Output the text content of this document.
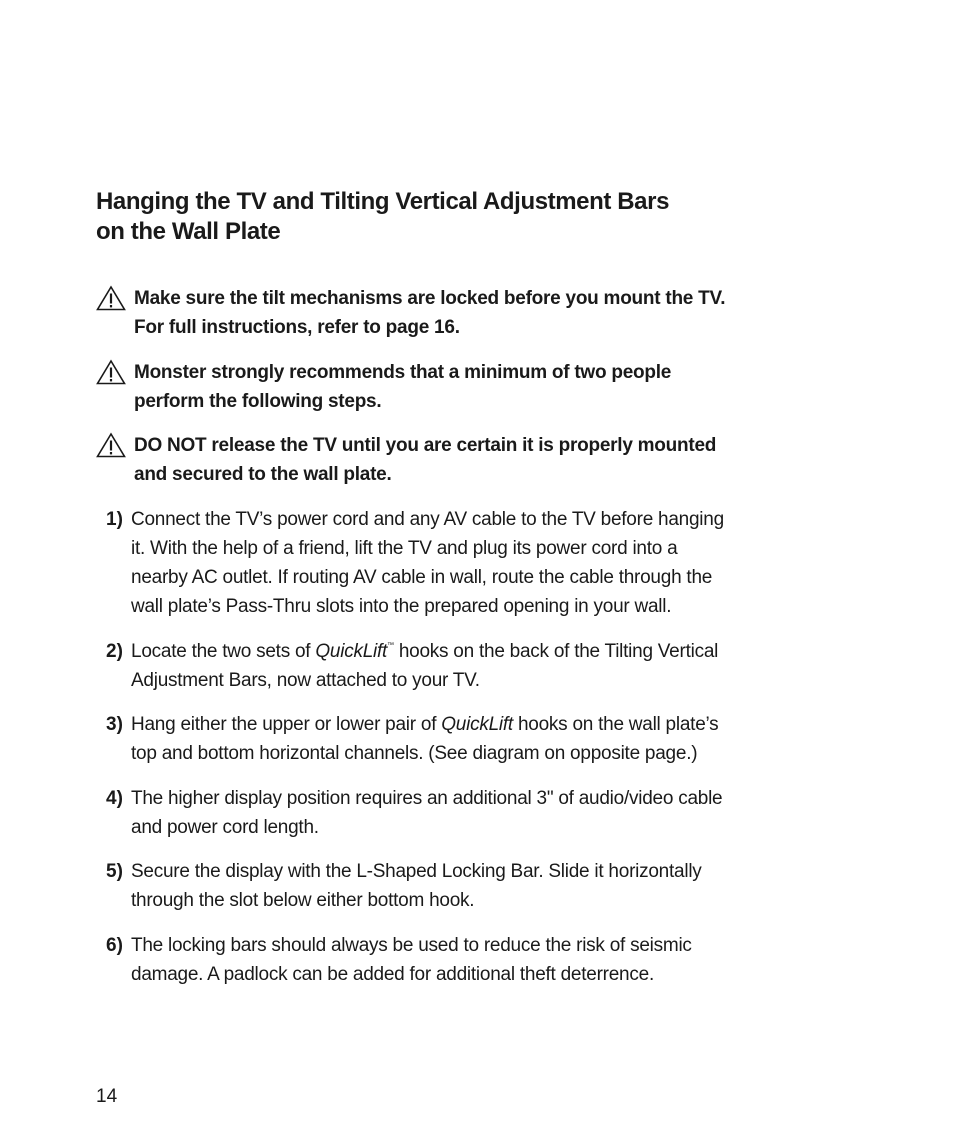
Hanging the TV and Tilting Vertical Adjustment Bars
on the Wall Plate
Make sure the tilt mechanisms are locked before you mount the TV.
For full instructions, refer to page 16.
Monster strongly recommends that a minimum of two people
perform the following steps.
DO NOT release the TV until you are certain it is properly mounted
and secured to the wall plate.
1) Connect the TV’s power cord and any AV cable to the TV before hanging
it. With the help of a friend, lift the TV and plug its power cord into a
nearby AC outlet. If routing AV cable in wall, route the cable through the
wall plate’s Pass-Thru slots into the prepared opening in your wall.
2) Locate the two sets of QuickLift™ hooks on the back of the Tilting Vertical
Adjustment Bars, now attached to your TV.
3) Hang either the upper or lower pair of QuickLift hooks on the wall plate’s
top and bottom horizontal channels. (See diagram on opposite page.)
4) The higher display position requires an additional 3" of audio/video cable
and power cord length.
5) Secure the display with the L-Shaped Locking Bar. Slide it horizontally
through the slot below either bottom hook.
6) The locking bars should always be used to reduce the risk of seismic
damage. A padlock can be added for additional theft deterrence.
14
